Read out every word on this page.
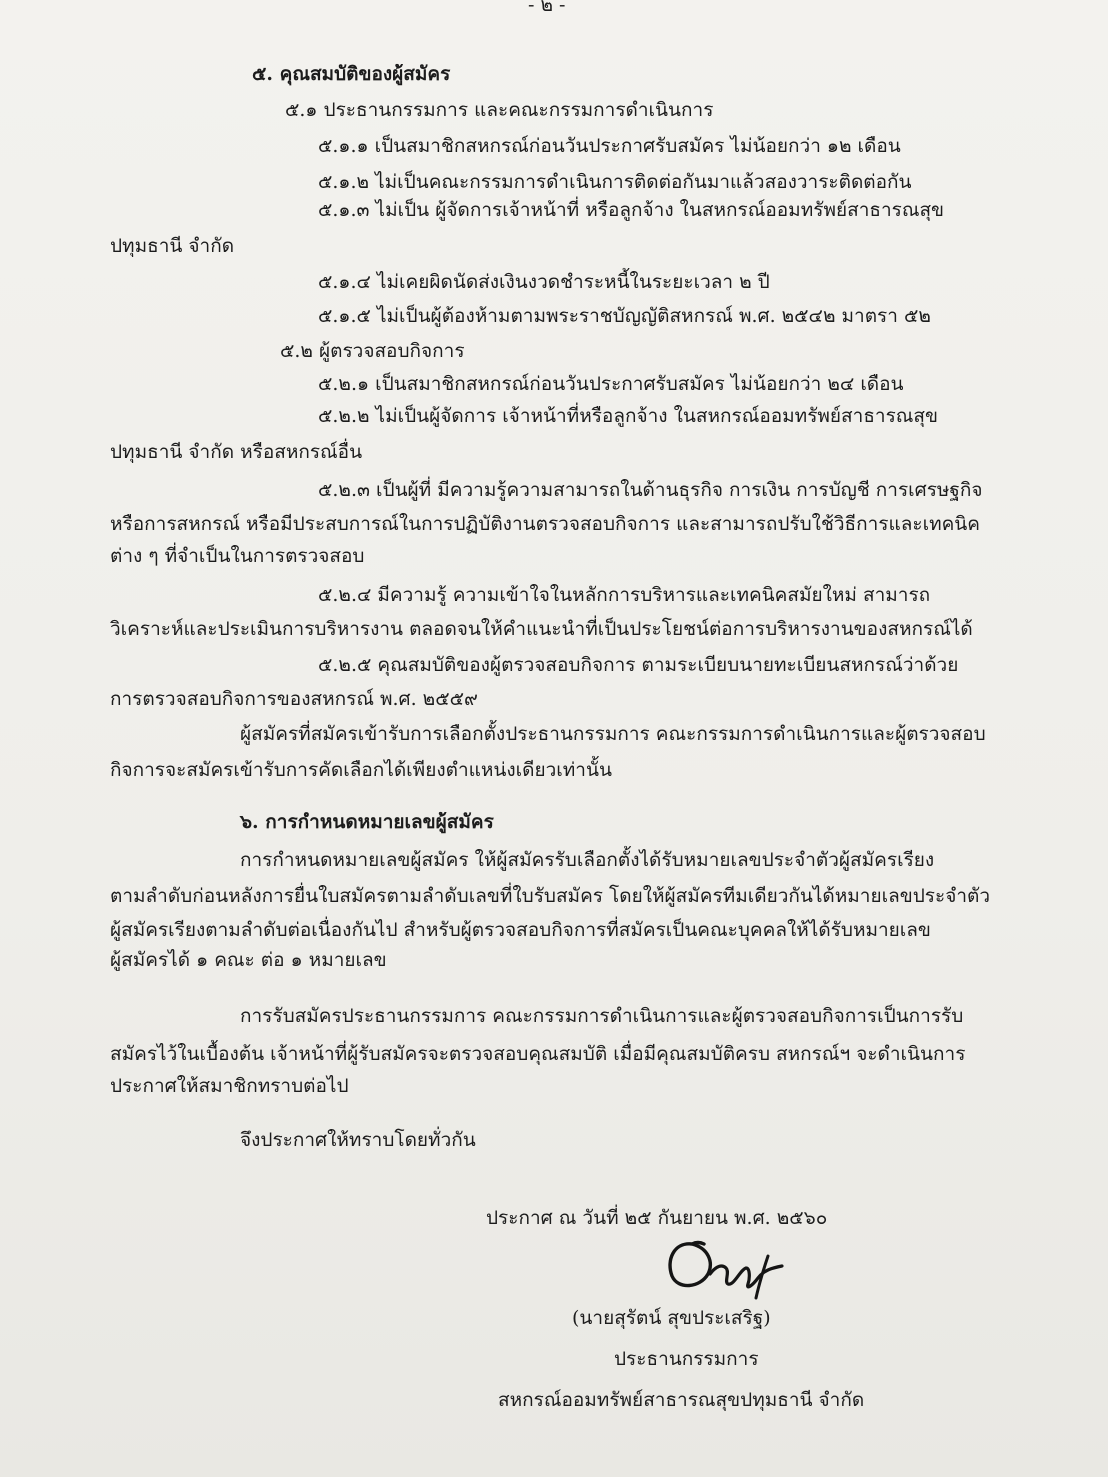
- ๒ -
๕. คุณสมบัติของผู้สมัคร
๕.๑ ประธานกรรมการ และคณะกรรมการดำเนินการ
๕.๑.๑ เป็นสมาชิกสหกรณ์ก่อนวันประกาศรับสมัคร ไม่น้อยกว่า ๑๒ เดือน
๕.๑.๒ ไม่เป็นคณะกรรมการดำเนินการติดต่อกันมาแล้วสองวาระติดต่อกัน
๕.๑.๓ ไม่เป็น ผู้จัดการเจ้าหน้าที่ หรือลูกจ้าง ในสหกรณ์ออมทรัพย์สาธารณสุข
ปทุมธานี จำกัด
๕.๑.๔ ไม่เคยผิดนัดส่งเงินงวดชำระหนี้ในระยะเวลา ๒ ปี
๕.๑.๕ ไม่เป็นผู้ต้องห้ามตามพระราชบัญญัติสหกรณ์ พ.ศ. ๒๕๔๒ มาตรา ๕๒
๕.๒ ผู้ตรวจสอบกิจการ
๕.๒.๑ เป็นสมาชิกสหกรณ์ก่อนวันประกาศรับสมัคร ไม่น้อยกว่า ๒๔ เดือน
๕.๒.๒ ไม่เป็นผู้จัดการ เจ้าหน้าที่หรือลูกจ้าง ในสหกรณ์ออมทรัพย์สาธารณสุข
ปทุมธานี จำกัด หรือสหกรณ์อื่น
๕.๒.๓ เป็นผู้ที่ มีความรู้ความสามารถในด้านธุรกิจ การเงิน การบัญชี การเศรษฐกิจ
หรือการสหกรณ์ หรือมีประสบการณ์ในการปฏิบัติงานตรวจสอบกิจการ และสามารถปรับใช้วิธีการและเทคนิค
ต่าง ๆ ที่จำเป็นในการตรวจสอบ
๕.๒.๔ มีความรู้ ความเข้าใจในหลักการบริหารและเทคนิคสมัยใหม่ สามารถ
วิเคราะห์และประเมินการบริหารงาน ตลอดจนให้คำแนะนำที่เป็นประโยชน์ต่อการบริหารงานของสหกรณ์ได้
๕.๒.๕ คุณสมบัติของผู้ตรวจสอบกิจการ ตามระเบียบนายทะเบียนสหกรณ์ว่าด้วย
การตรวจสอบกิจการของสหกรณ์ พ.ศ. ๒๕๕๙
ผู้สมัครที่สมัครเข้ารับการเลือกตั้งประธานกรรมการ คณะกรรมการดำเนินการและผู้ตรวจสอบ
กิจการจะสมัครเข้ารับการคัดเลือกได้เพียงตำแหน่งเดียวเท่านั้น
๖. การกำหนดหมายเลขผู้สมัคร
การกำหนดหมายเลขผู้สมัคร ให้ผู้สมัครรับเลือกตั้งได้รับหมายเลขประจำตัวผู้สมัครเรียง
ตามลำดับก่อนหลังการยื่นใบสมัครตามลำดับเลขที่ใบรับสมัคร โดยให้ผู้สมัครทีมเดียวกันได้หมายเลขประจำตัว
ผู้สมัครเรียงตามลำดับต่อเนื่องกันไป สำหรับผู้ตรวจสอบกิจการที่สมัครเป็นคณะบุคคลให้ได้รับหมายเลข
ผู้สมัครได้ ๑ คณะ ต่อ ๑ หมายเลข
การรับสมัครประธานกรรมการ คณะกรรมการดำเนินการและผู้ตรวจสอบกิจการเป็นการรับ
สมัครไว้ในเบื้องต้น เจ้าหน้าที่ผู้รับสมัครจะตรวจสอบคุณสมบัติ เมื่อมีคุณสมบัติครบ สหกรณ์ฯ จะดำเนินการ
ประกาศให้สมาชิกทราบต่อไป
จึงประกาศให้ทราบโดยทั่วกัน
ประกาศ ณ วันที่ ๒๕ กันยายน พ.ศ. ๒๕๖๐
(นายสุรัตน์ สุขประเสริฐ)
ประธานกรรมการ
สหกรณ์ออมทรัพย์สาธารณสุขปทุมธานี จำกัด
